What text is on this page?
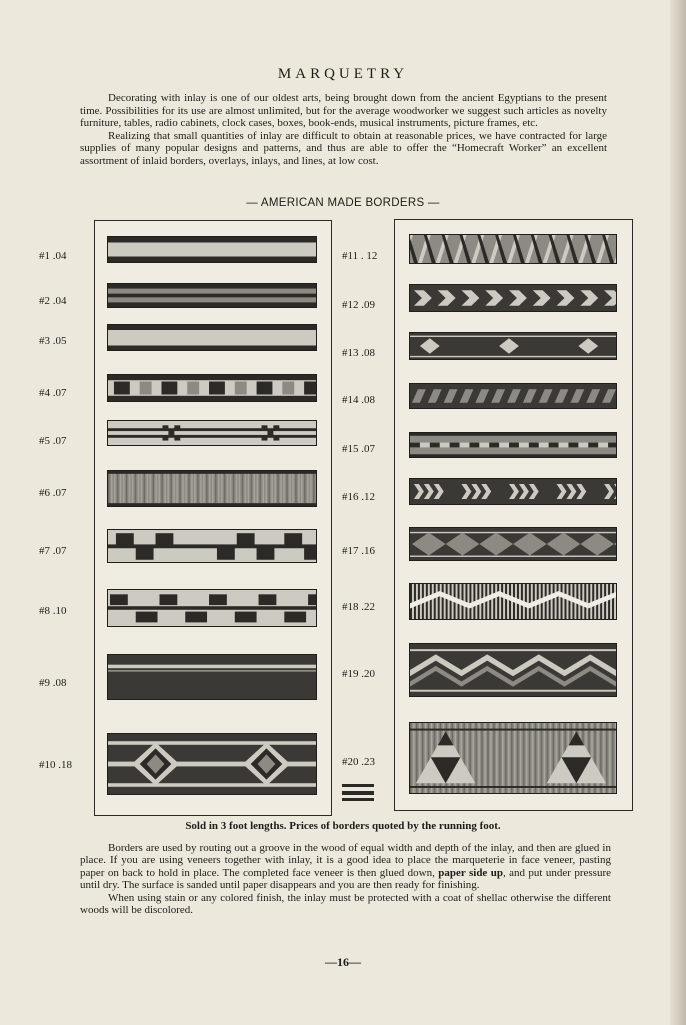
MARQUETRY

Decorating with inlay is one of our oldest arts, being brought down from the ancient Egyptians to the present time. Possibilities for its use are almost unlimited, but for the average woodworker we suggest such articles as novelty furniture, tables, radio cabinets, clock cases, boxes, book-ends, musical instruments, picture frames, etc.

Realizing that small quantities of inlay are difficult to obtain at reasonable prices, we have contracted for large supplies of many popular designs and patterns, and thus are able to offer the “Homecraft Worker” an excellent assortment of inlaid borders, overlays, inlays, and lines, at low cost.

— AMERICAN MADE BORDERS —
#1 .04
#2 .04
#3 .05
#4 .07
#5 .07
#6 .07
#7 .07
#8 .10
#9 .08
#10 .18
#11 . 12
#12 .09
#13 .08
#14 .08
#15 .07
#16 .12
#17 .16
#18 .22
#19 .20
#20 .23
Sold in 3 foot lengths. Prices of borders quoted by the running foot.

Borders are used by routing out a groove in the wood of equal width and depth of the inlay, and then are glued in place. If you are using veneers together with inlay, it is a good idea to place the marqueterie in face veneer, pasting paper on back to hold in place. The completed face veneer is then glued down, paper side up, and put under pressure until dry. The surface is sanded until paper disappears and you are then ready for finishing.

When using stain or any colored finish, the inlay must be protected with a coat of shellac otherwise the different woods will be discolored.

—16—
